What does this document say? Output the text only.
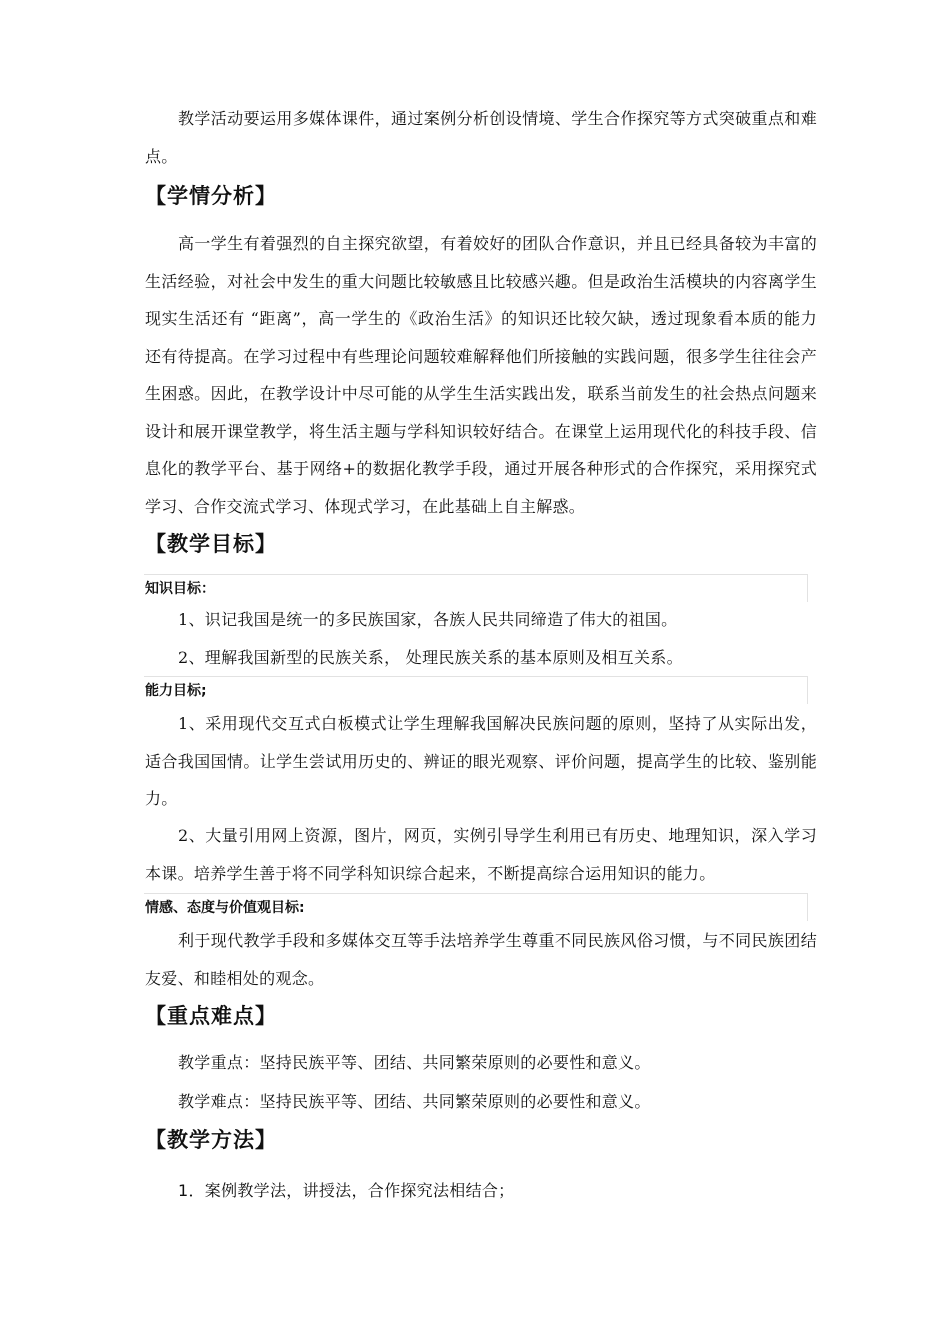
教学活动要运用多媒体课件，通过案例分析创设情境、学生合作探究等方式突破重点和难点。

【学情分析】

高一学生有着强烈的自主探究欲望，有着姣好的团队合作意识，并且已经具备较为丰富的生活经验，对社会中发生的重大问题比较敏感且比较感兴趣。但是政治生活模块的内容离学生现实生活还有 “距离”，高一学生的《政治生活》的知识还比较欠缺，透过现象看本质的能力还有待提高。在学习过程中有些理论问题较难解释他们所接触的实践问题，很多学生往往会产生困惑。因此，在教学设计中尽可能的从学生生活实践出发，联系当前发生的社会热点问题来设计和展开课堂教学，将生活主题与学科知识较好结合。在课堂上运用现代化的科技手段、信息化的教学平台、基于网络+的数据化教学手段，通过开展各种形式的合作探究，采用探究式学习、合作交流式学习、体现式学习，在此基础上自主解惑。

【教学目标】
知识目标：

1、识记我国是统一的多民族国家，各族人民共同缔造了伟大的祖国。

2、理解我国新型的民族关系， 处理民族关系的基本原则及相互关系。

能力目标;

1、采用现代交互式白板模式让学生理解我国解决民族问题的原则，坚持了从实际出发，适合我国国情。让学生尝试用历史的、辨证的眼光观察、评价问题，提高学生的比较、鉴别能力。

2、大量引用网上资源，图片，网页，实例引导学生利用已有历史、地理知识，深入学习本课。培养学生善于将不同学科知识综合起来，不断提高综合运用知识的能力。

情感、态度与价值观目标:

利于现代教学手段和多媒体交互等手法培养学生尊重不同民族风俗习惯，与不同民族团结友爱、和睦相处的观念。

【重点难点】

教学重点：坚持民族平等、团结、共同繁荣原则的必要性和意义。

教学难点：坚持民族平等、团结、共同繁荣原则的必要性和意义。

【教学方法】

1．案例教学法，讲授法，合作探究法相结合；
